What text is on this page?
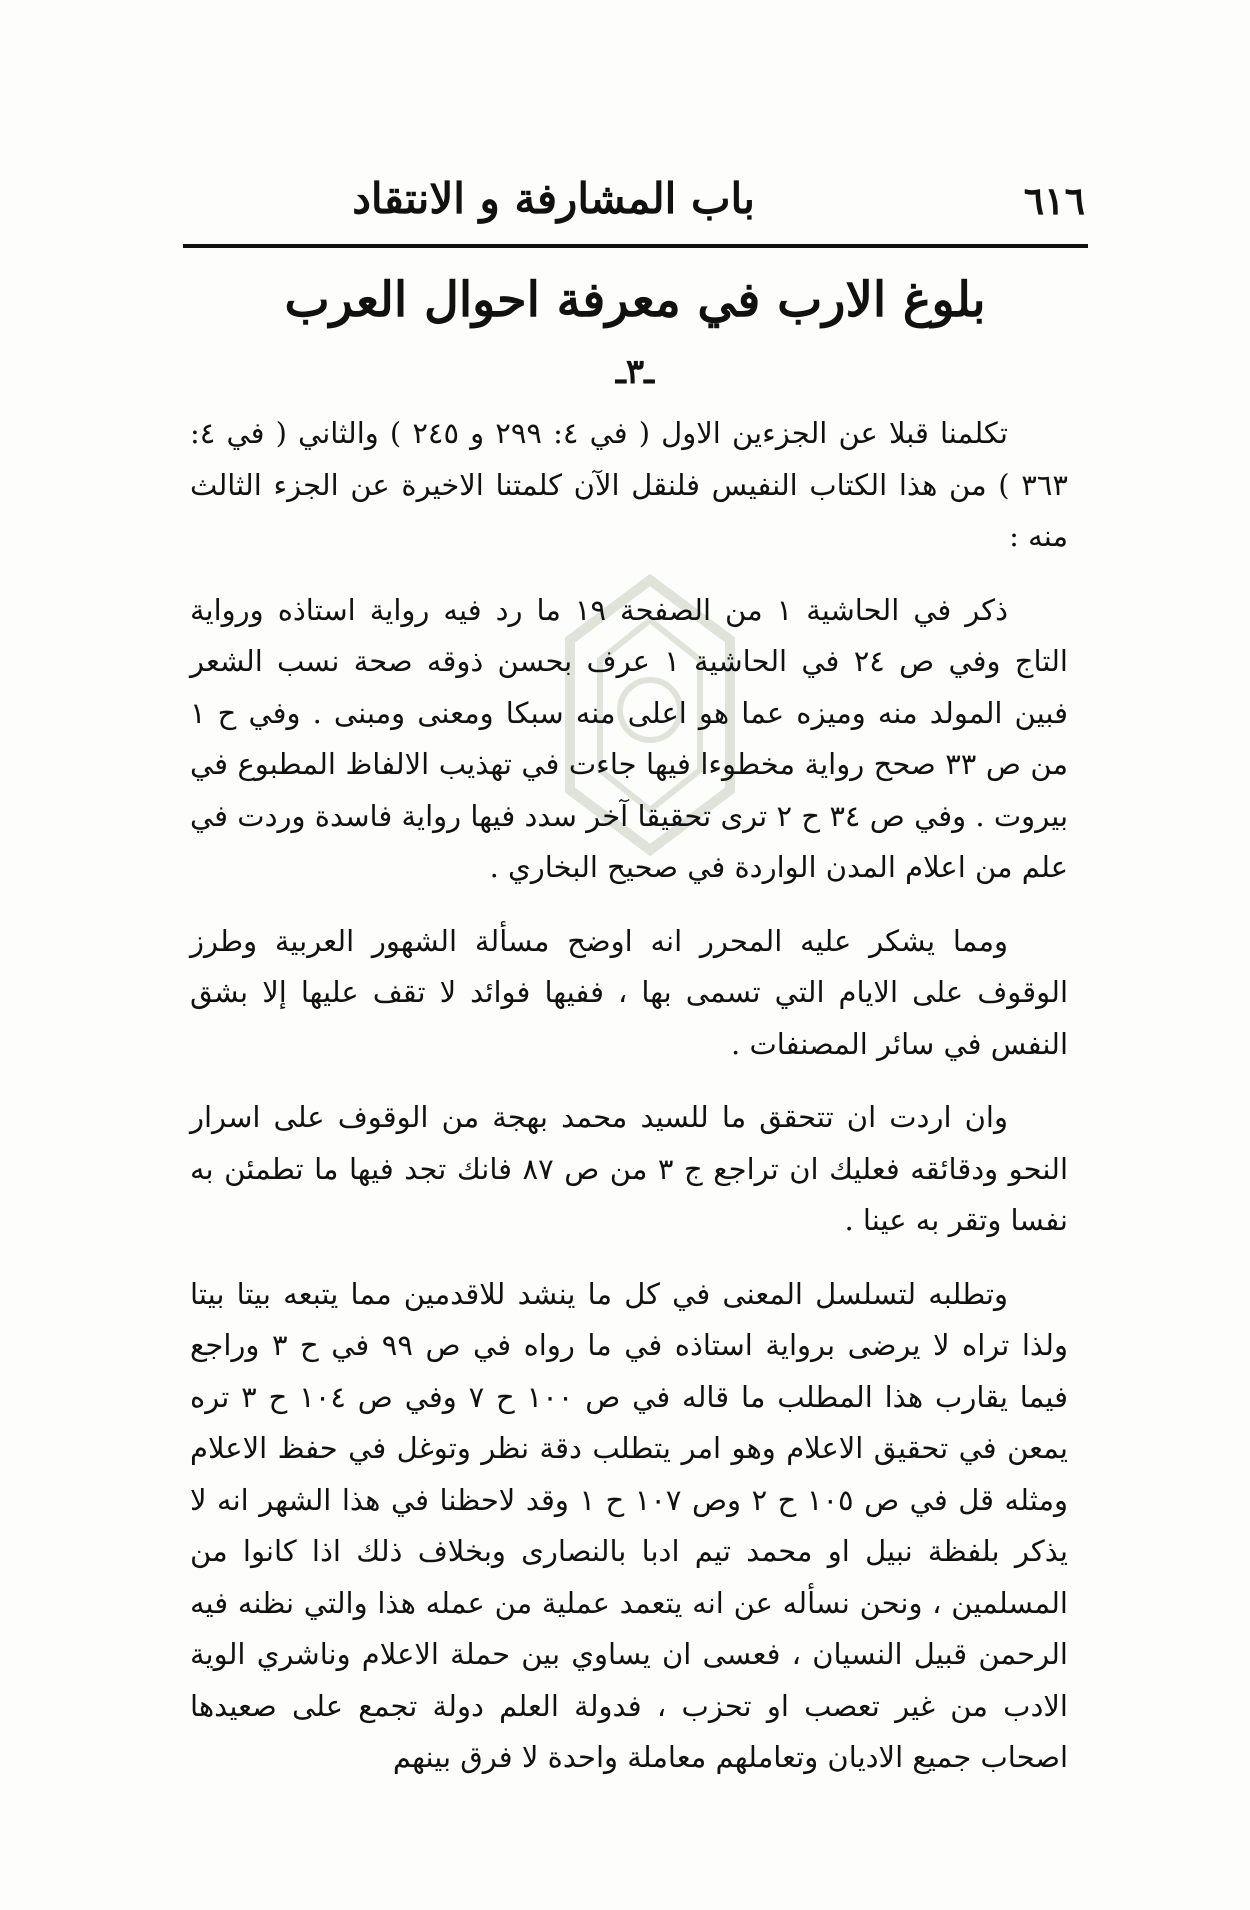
٦١٦
باب المشارفة و الانتقاد
بلوغ الارب في معرفة احوال العرب
ـ٣ـ

تكلمنا قبلا عن الجزءين الاول ( في ٤: ٢٩٩ و ٢٤٥ ) والثاني ( في ٤: ٣٦٣ ) من هذا الكتاب النفيس فلنقل الآن كلمتنا الاخيرة عن الجزء الثالث منه :

ذكر في الحاشية ١ من الصفحة ١٩ ما رد فيه رواية استاذه ورواية التاج وفي ص ٢٤ في الحاشية ١ عرف بحسن ذوقه صحة نسب الشعر فبين المولد منه وميزه عما هو اعلى منه سبكا ومعنى ومبنى . وفي ح ١ من ص ٣٣ صحح رواية مخطوءا فيها جاءت في تهذيب الالفاظ المطبوع في بيروت . وفي ص ٣٤ ح ٢ ترى تحقيقا آخر سدد فيها رواية فاسدة وردت في علم من اعلام المدن الواردة في صحيح البخاري .

ومما يشكر عليه المحرر انه اوضح مسألة الشهور العربية وطرز الوقوف على الايام التي تسمى بها ، ففيها فوائد لا تقف عليها إلا بشق النفس في سائر المصنفات .

وان اردت ان تتحقق ما للسيد محمد بهجة من الوقوف على اسرار النحو ودقائقه فعليك ان تراجع ج ٣ من ص ٨٧ فانك تجد فيها ما تطمئن به نفسا وتقر به عينا .

وتطلبه لتسلسل المعنى في كل ما ينشد للاقدمين مما يتبعه بيتا بيتا ولذا تراه لا يرضى برواية استاذه في ما رواه في ص ٩٩ في ح ٣ وراجع فيما يقارب هذا المطلب ما قاله في ص ١٠٠ ح ٧ وفي ص ١٠٤ ح ٣ تره يمعن في تحقيق الاعلام وهو امر يتطلب دقة نظر وتوغل في حفظ الاعلام ومثله قل في ص ١٠٥ ح ٢ وص ١٠٧ ح ١ وقد لاحظنا في هذا الشهر انه لا يذكر بلفظة نبيل او محمد تيم ادبا بالنصارى وبخلاف ذلك اذا كانوا من المسلمين ، ونحن نسأله عن انه يتعمد عملية من عمله هذا والتي نظنه فيه الرحمن قبيل النسيان ، فعسى ان يساوي بين حملة الاعلام وناشري الوية الادب من غير تعصب او تحزب ، فدولة العلم دولة تجمع على صعيدها اصحاب جميع الاديان وتعاملهم معاملة واحدة لا فرق بينهم
